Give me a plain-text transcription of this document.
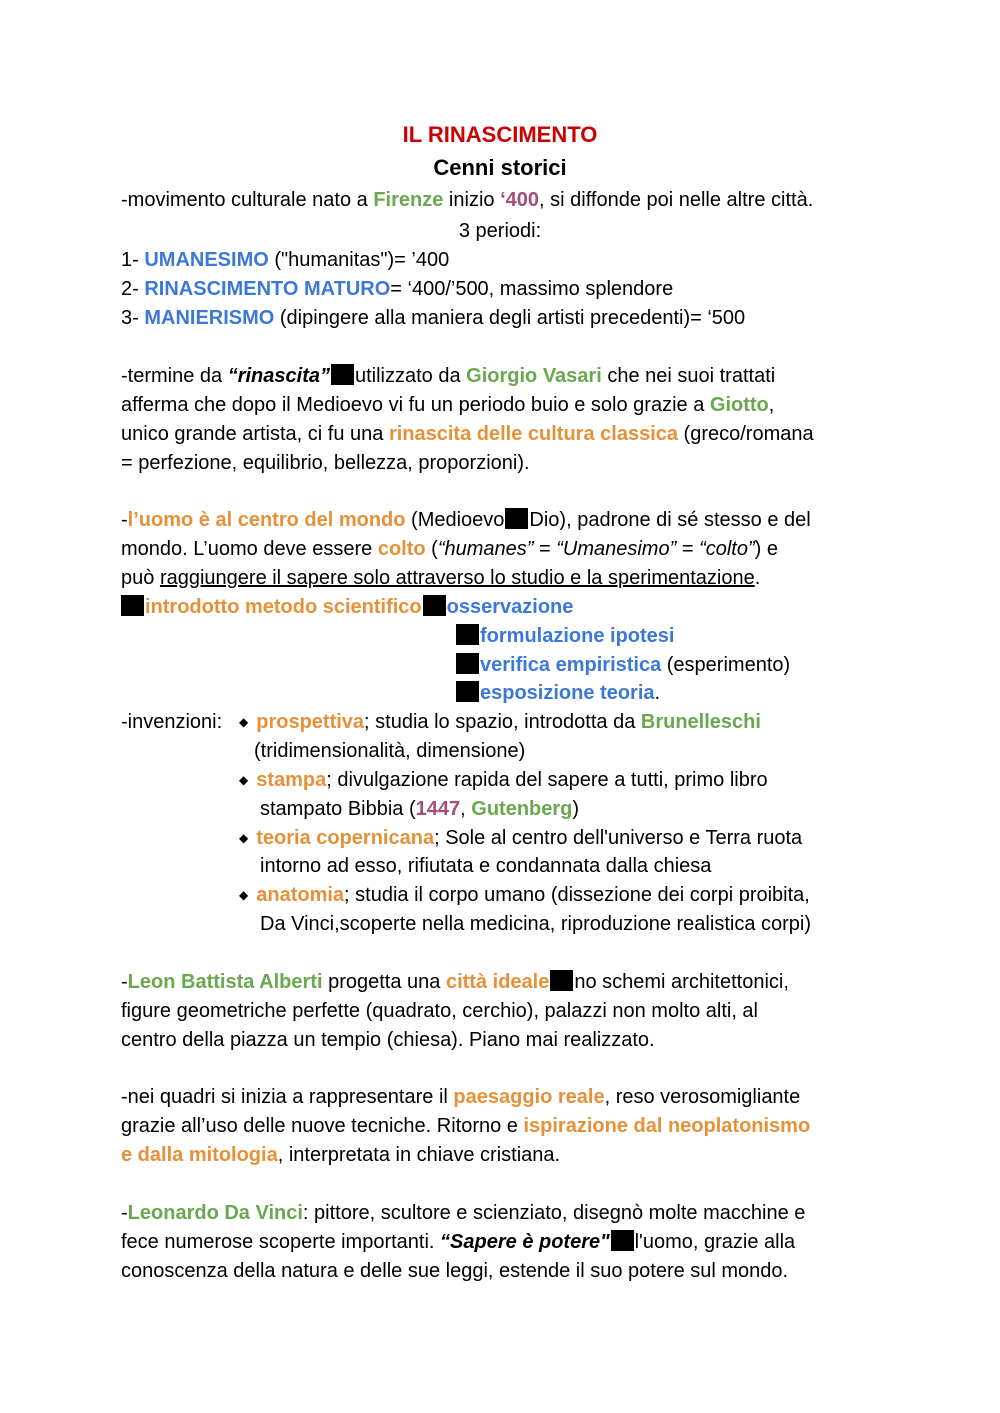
IL RINASCIMENTO
Cenni storici
-movimento culturale nato a Firenze inizio ‘400, si diffonde poi nelle altre città.
3 periodi:
1- UMANESIMO ("humanitas")= ’400
2- RINASCIMENTO MATURO= ‘400/’500, massimo splendore
3- MANIERISMO (dipingere alla maniera degli artisti precedenti)= ‘500
-termine da “rinascita” utilizzato da Giorgio Vasari che nei suoi trattati
afferma che dopo il Medioevo vi fu un periodo buio e solo grazie a Giotto,
unico grande artista, ci fu una rinascita delle cultura classica (greco/romana
= perfezione, equilibrio, bellezza, proporzioni).
-l’uomo è al centro del mondo (Medioevo Dio), padrone di sé stesso e del
mondo. L’uomo deve essere colto (“humanes” = “Umanesimo” = “colto”) e
può raggiungere il sapere solo attraverso lo studio e la sperimentazione.
introdotto metodo scientifico osservazione
formulazione ipotesi
verifica empiristica (esperimento)
esposizione teoria.
-invenzioni: ◆ prospettiva; studia lo spazio, introdotta da Brunelleschi
(tridimensionalità, dimensione)
◆ stampa; divulgazione rapida del sapere a tutti, primo libro
stampato Bibbia (1447, Gutenberg)
◆ teoria copernicana; Sole al centro dell'universo e Terra ruota
intorno ad esso, rifiutata e condannata dalla chiesa
◆ anatomia; studia il corpo umano (dissezione dei corpi proibita,
Da Vinci,scoperte nella medicina, riproduzione realistica corpi)
-Leon Battista Alberti progetta una città ideale no schemi architettonici,
figure geometriche perfette (quadrato, cerchio), palazzi non molto alti, al
centro della piazza un tempio (chiesa). Piano mai realizzato.
-nei quadri si inizia a rappresentare il paesaggio reale, reso verosomigliante
grazie all’uso delle nuove tecniche. Ritorno e ispirazione dal neoplatonismo
e dalla mitologia, interpretata in chiave cristiana.
-Leonardo Da Vinci: pittore, scultore e scienziato, disegnò molte macchine e
fece numerose scoperte importanti. “Sapere è potere" l'uomo, grazie alla
conoscenza della natura e delle sue leggi, estende il suo potere sul mondo.
